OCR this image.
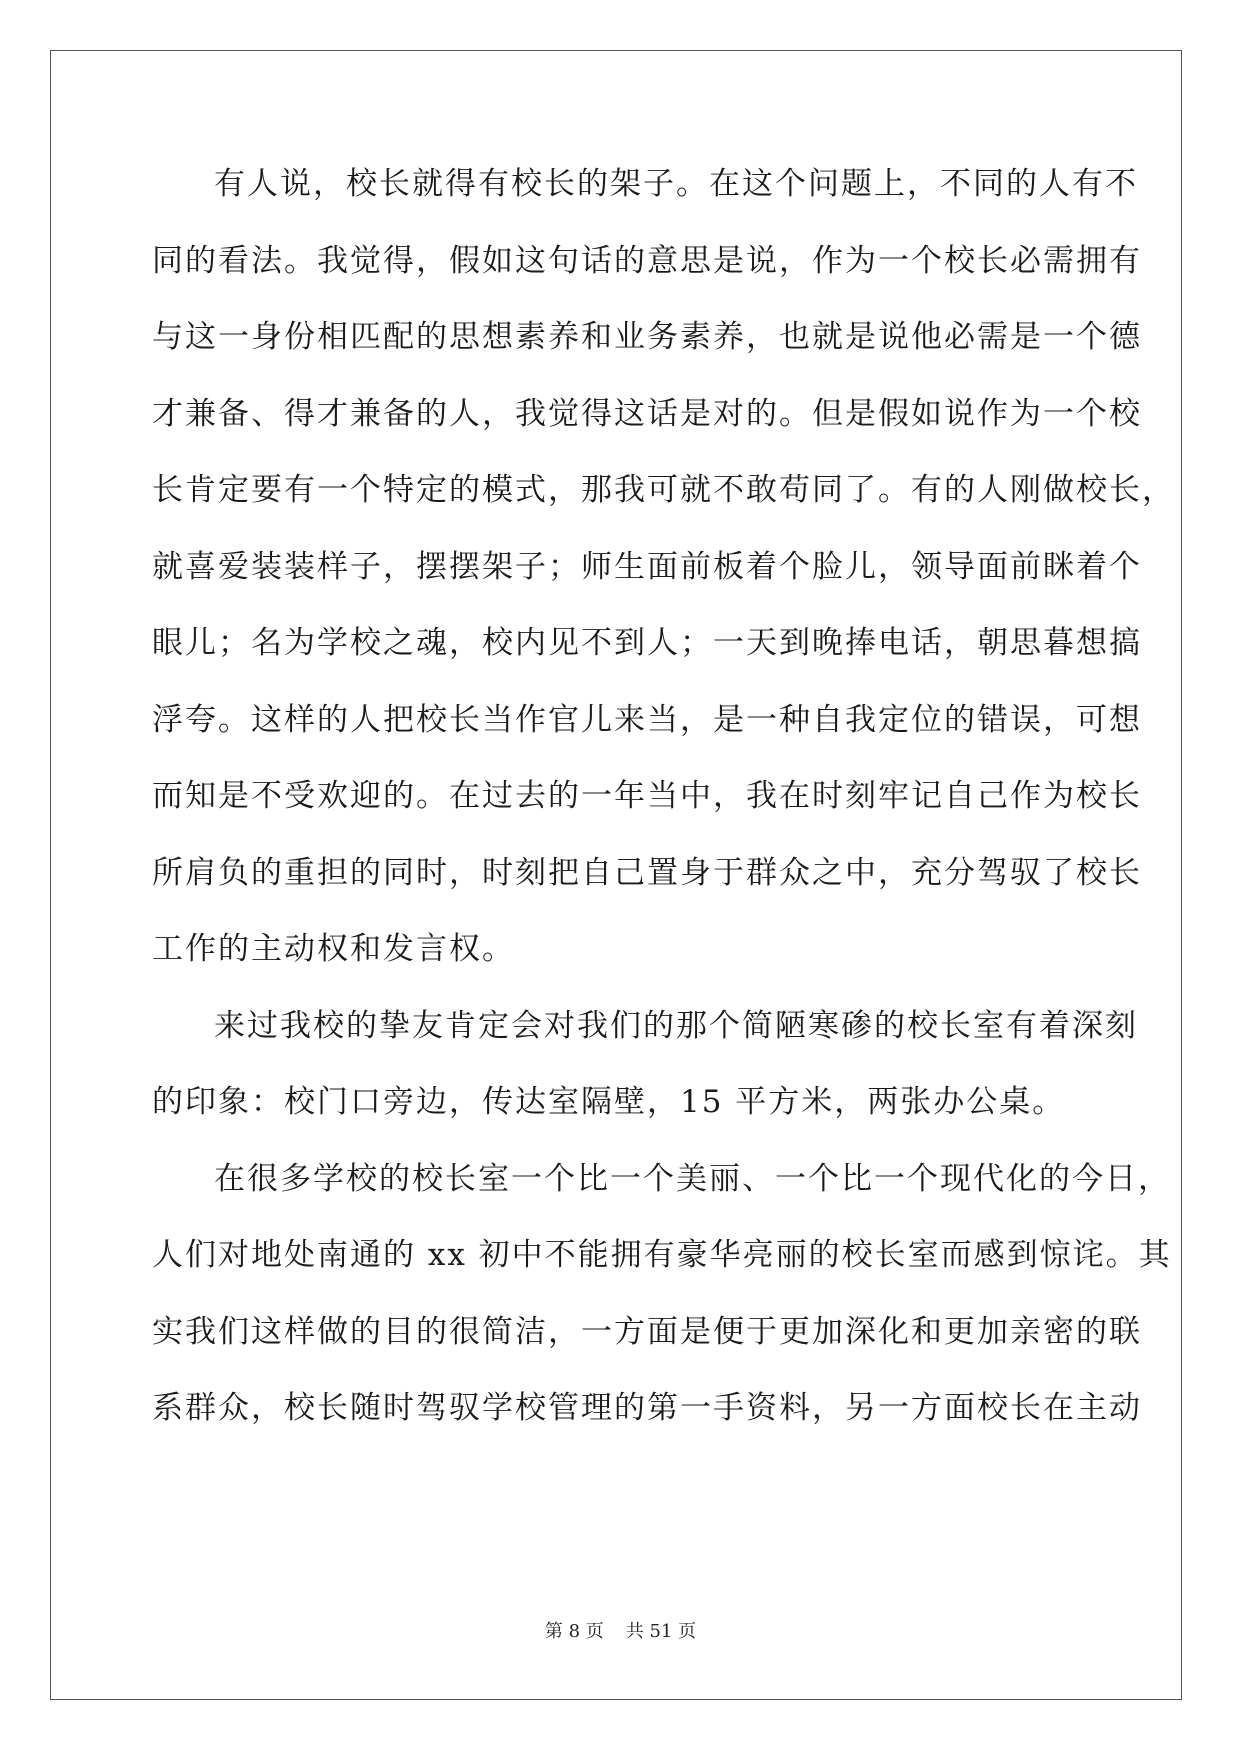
有人说，校长就得有校长的架子。在这个问题上，不同的人有不
同的看法。我觉得，假如这句话的意思是说，作为一个校长必需拥有
与这一身份相匹配的思想素养和业务素养，也就是说他必需是一个德
才兼备、得才兼备的人，我觉得这话是对的。但是假如说作为一个校
长肯定要有一个特定的模式，那我可就不敢苟同了。有的人刚做校长，
就喜爱装装样子，摆摆架子；师生面前板着个脸儿，领导面前眯着个
眼儿；名为学校之魂，校内见不到人；一天到晚捧电话，朝思暮想搞
浮夸。这样的人把校长当作官儿来当，是一种自我定位的错误，可想
而知是不受欢迎的。在过去的一年当中，我在时刻牢记自己作为校长
所肩负的重担的同时，时刻把自己置身于群众之中，充分驾驭了校长
工作的主动权和发言权。
来过我校的挚友肯定会对我们的那个简陋寒碜的校长室有着深刻
的印象：校门口旁边，传达室隔壁，15 平方米，两张办公桌。
在很多学校的校长室一个比一个美丽、一个比一个现代化的今日，
人们对地处南通的 xx 初中不能拥有豪华亮丽的校长室而感到惊诧。其
实我们这样做的目的很简洁，一方面是便于更加深化和更加亲密的联
系群众，校长随时驾驭学校管理的第一手资料，另一方面校长在主动
第 8 页 共 51 页
